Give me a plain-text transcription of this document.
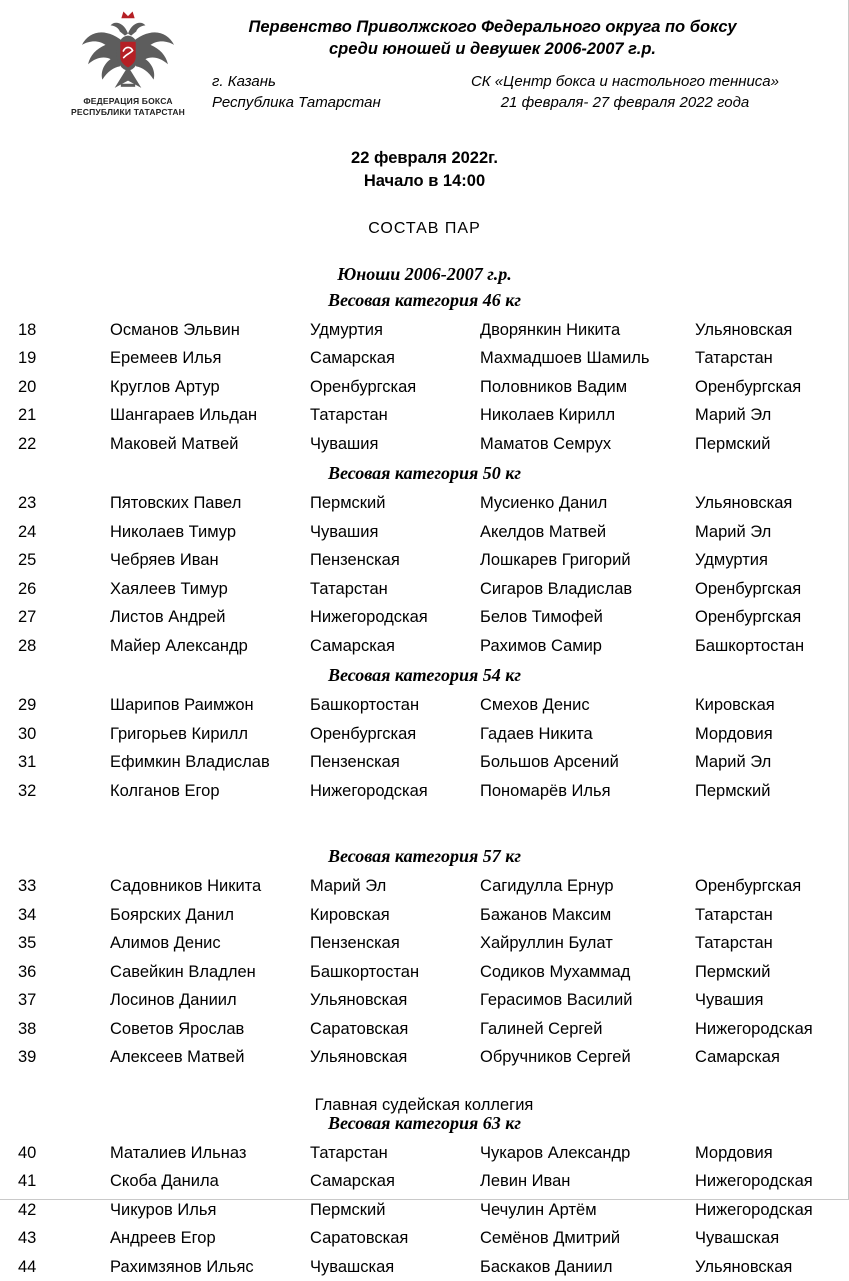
ФЕДЕРАЦИЯ БОКСА
РЕСПУБЛИКИ ТАТАРСТАН
Первенство Приволжского Федерального округа по боксу
среди юношей и девушек 2006-2007 г.р.
г. Казань
Республика Татарстан
СК «Центр бокса и настольного тенниса»
21 февраля- 27 февраля 2022 года
22 февраля 2022г.
Начало в 14:00
СОСТАВ ПАР
Юноши 2006-2007 г.р.
Весовая категория 46 кг
18	Османов Эльвин	Удмуртия	Дворянкин Никита	Ульяновская
19	Еремеев Илья	Самарская	Махмадшоев Шамиль	Татарстан
20	Круглов Артур	Оренбургская	Половников Вадим	Оренбургская
21	Шангараев Ильдан	Татарстан	Николаев Кирилл	Марий Эл
22	Маковей Матвей	Чувашия	Маматов Семрух	Пермский
Весовая категория 50 кг
23	Пятовских Павел	Пермский	Мусиенко Данил	Ульяновская
24	Николаев Тимур	Чувашия	Акелдов Матвей	Марий Эл
25	Чебряев Иван	Пензенская	Лошкарев Григорий	Удмуртия
26	Хаялеев Тимур	Татарстан	Сигаров Владислав	Оренбургская
27	Листов Андрей	Нижегородская	Белов Тимофей	Оренбургская
28	Майер Александр	Самарская	Рахимов Самир	Башкортостан
Весовая категория 54 кг
29	Шарипов Раимжон	Башкортостан	Смехов Денис	Кировская
30	Григорьев Кирилл	Оренбургская	Гадаев Никита	Мордовия
31	Ефимкин Владислав	Пензенская	Большов Арсений	Марий Эл
32	Колганов Егор	Нижегородская	Пономарёв Илья	Пермский
Весовая категория 57 кг
33	Садовников Никита	Марий Эл	Сагидулла Ернур	Оренбургская
34	Боярских Данил	Кировская	Бажанов Максим	Татарстан
35	Алимов Денис	Пензенская	Хайруллин Булат	Татарстан
36	Савейкин Владлен	Башкортостан	Содиков Мухаммад	Пермский
37	Лосинов Даниил	Ульяновская	Герасимов Василий	Чувашия
38	Советов Ярослав	Саратовская	Галиней Сергей	Нижегородская
39	Алексеев Матвей	Ульяновская	Обручников Сергей	Самарская
Весовая категория 63 кг
40	Маталиев Ильназ	Татарстан	Чукаров Александр	Мордовия
41	Скоба Данила	Самарская	Левин Иван	Нижегородская
42	Чикуров Илья	Пермский	Чечулин Артём	Нижегородская
43	Андреев Егор	Саратовская	Семёнов Дмитрий	Чувашская
44	Рахимзянов Ильяс	Чувашская	Баскаков Даниил	Ульяновская
Главная судейская коллегия
